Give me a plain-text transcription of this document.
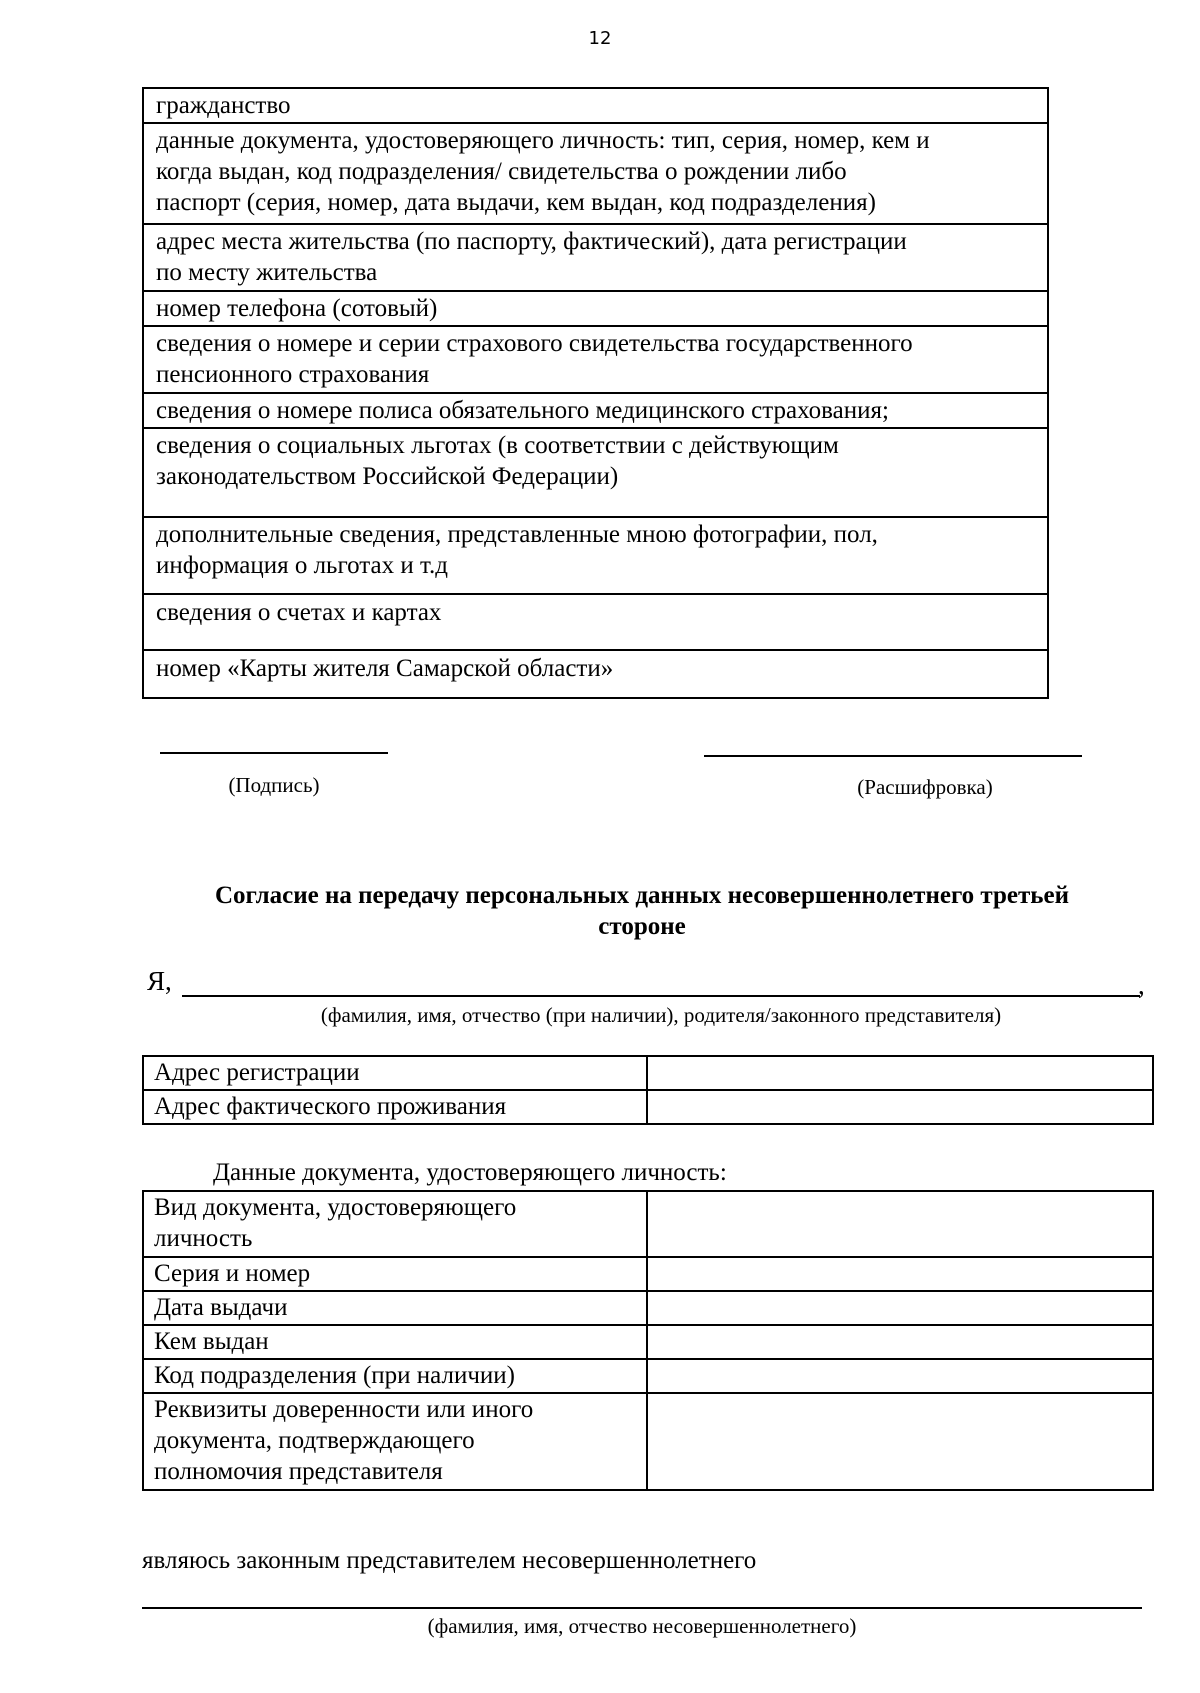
12
гражданство

данные документа, удостоверяющего личность: тип, серия, номер, кем и
когда выдан, код подразделения/ свидетельства о рождении либо
паспорт (серия, номер, дата выдачи, кем выдан, код подразделения)

адрес места жительства (по паспорту, фактический), дата регистрации
по месту жительства

номер телефона (сотовый)

сведения о номере и серии страхового свидетельства государственного
пенсионного страхования

сведения о номере полиса обязательного медицинского страхования;

сведения о социальных льготах (в соответствии с действующим
законодательством Российской Федерации)

дополнительные сведения, представленные мною фотографии, пол,
информация о льготах и т.д

сведения о счетах и картах

номер «Карты жителя Самарской области»
(Подпись)	(Расшифровка)
Согласие на передачу персональных данных несовершеннолетнего третьей
стороне
Я,	,
(фамилия, имя, отчество (при наличии), родителя/законного представителя)
Адрес регистрации	
Адрес фактического проживания	
Данные документа, удостоверяющего личность:
Вид документа, удостоверяющего
личность	

Серия и номер	

Дата выдачи	

Кем выдан	

Код подразделения (при наличии)	

Реквизиты доверенности или иного
документа, подтверждающего
полномочия представителя	

являюсь законным представителем несовершеннолетнего
(фамилия, имя, отчество несовершеннолетнего)
